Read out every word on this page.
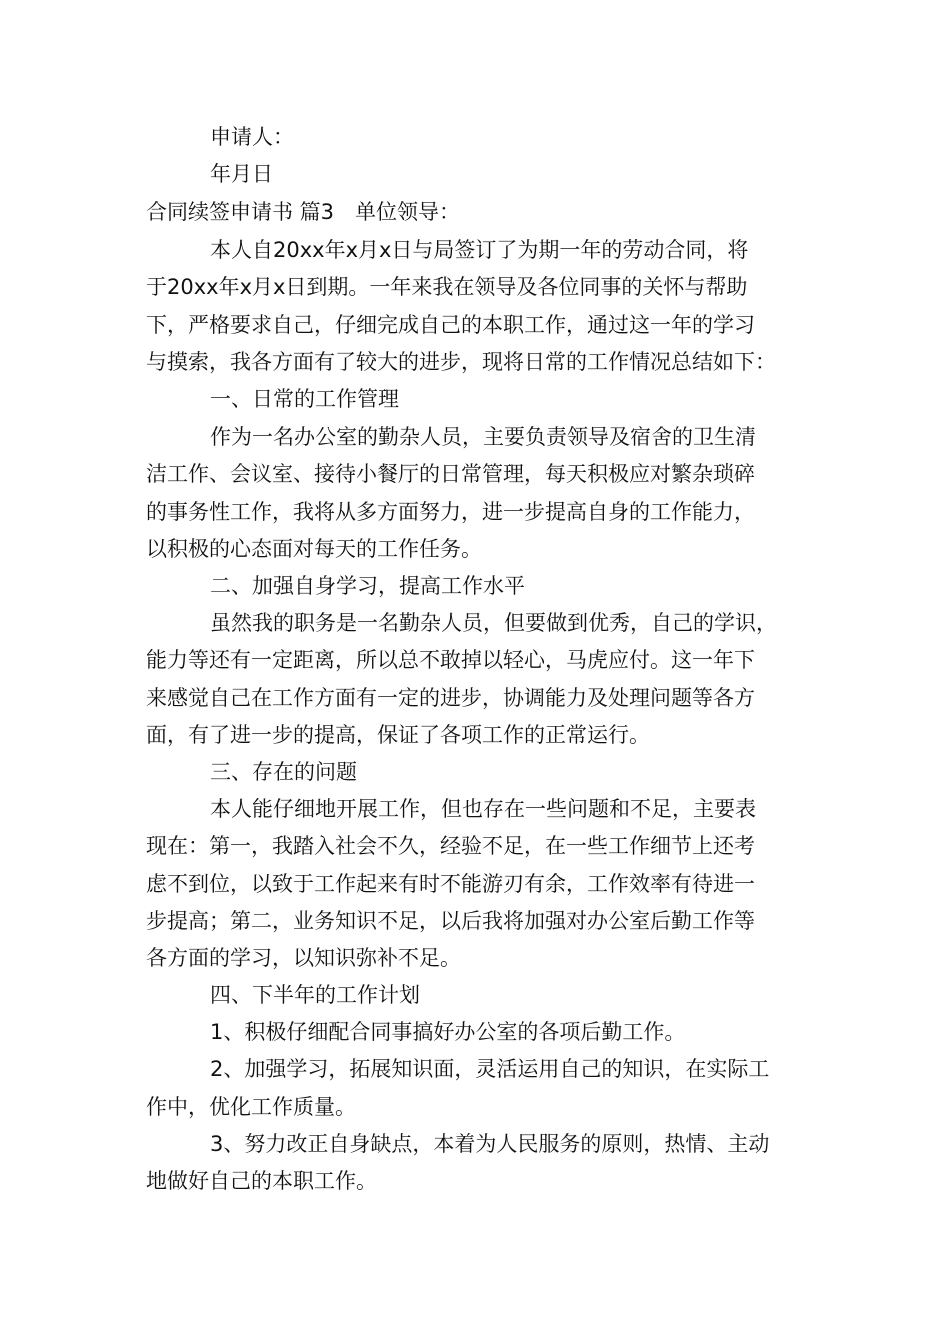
申请人：
年月日
合同续签申请书 篇3　单位领导：
本人自20xx年x月x日与局签订了为期一年的劳动合同，将
于20xx年x月x日到期。一年来我在领导及各位同事的关怀与帮助
下，严格要求自己，仔细完成自己的本职工作，通过这一年的学习
与摸索，我各方面有了较大的进步，现将日常的工作情况总结如下：
一、日常的工作管理
作为一名办公室的勤杂人员，主要负责领导及宿舍的卫生清
洁工作、会议室、接待小餐厅的日常管理，每天积极应对繁杂琐碎
的事务性工作，我将从多方面努力，进一步提高自身的工作能力，
以积极的心态面对每天的工作任务。
二、加强自身学习，提高工作水平
虽然我的职务是一名勤杂人员，但要做到优秀，自己的学识，
能力等还有一定距离，所以总不敢掉以轻心，马虎应付。这一年下
来感觉自己在工作方面有一定的进步，协调能力及处理问题等各方
面，有了进一步的提高，保证了各项工作的正常运行。
三、存在的问题
本人能仔细地开展工作，但也存在一些问题和不足，主要表
现在：第一，我踏入社会不久，经验不足，在一些工作细节上还考
虑不到位，以致于工作起来有时不能游刃有余，工作效率有待进一
步提高；第二，业务知识不足，以后我将加强对办公室后勤工作等
各方面的学习，以知识弥补不足。
四、下半年的工作计划
1、积极仔细配合同事搞好办公室的各项后勤工作。
2、加强学习，拓展知识面，灵活运用自己的知识，在实际工
作中，优化工作质量。
3、努力改正自身缺点，本着为人民服务的原则，热情、主动
地做好自己的本职工作。
